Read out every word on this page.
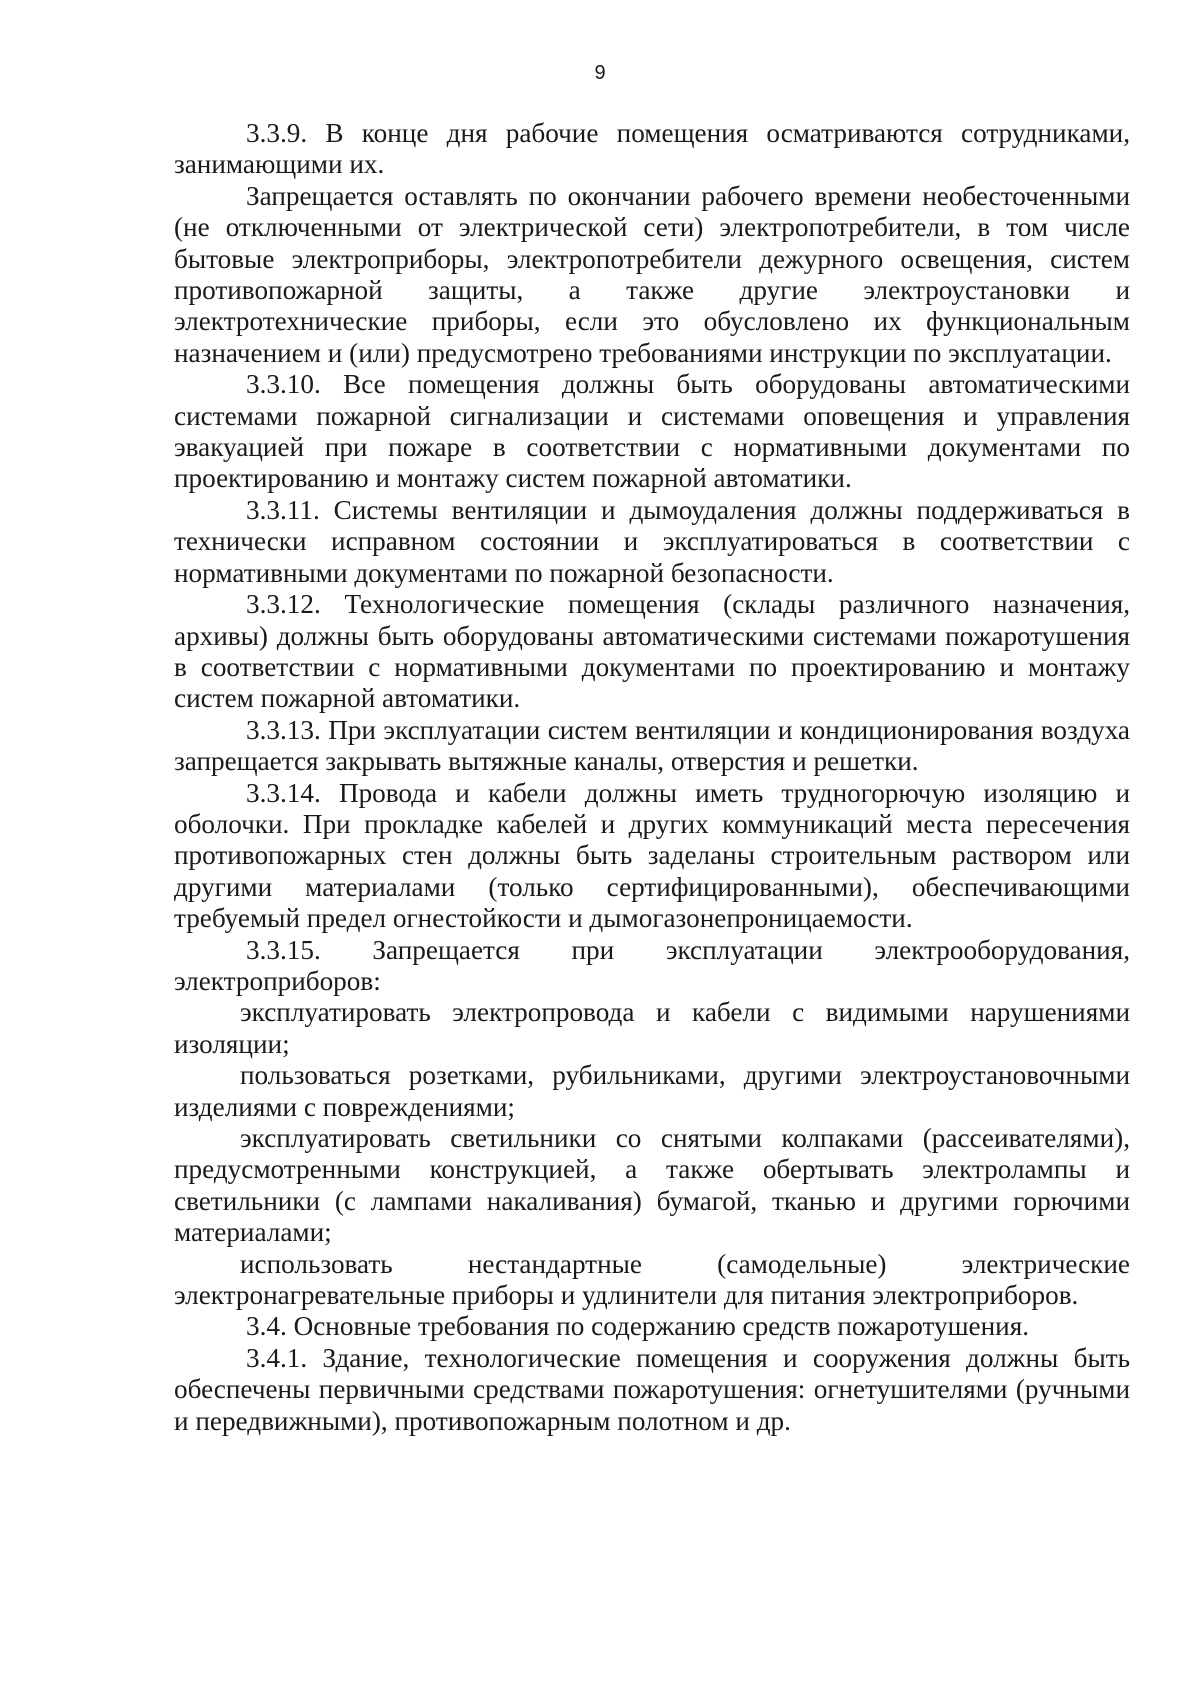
9

3.3.9. В конце дня рабочие помещения осматриваются сотрудниками, занимающими их.

Запрещается оставлять по окончании рабочего времени необесточенными (не отключенными от электрической сети) электропотребители, в том числе бытовые электроприборы, электропотребители дежурного освещения, систем противопожарной защиты, а также другие электроустановки и электротехнические приборы, если это обусловлено их функциональным назначением и (или) предусмотрено требованиями инструкции по эксплуатации.

3.3.10. Все помещения должны быть оборудованы автоматическими системами пожарной сигнализации и системами оповещения и управления эвакуацией при пожаре в соответствии с нормативными документами по проектированию и монтажу систем пожарной автоматики.

3.3.11. Системы вентиляции и дымоудаления должны поддерживаться в технически исправном состоянии и эксплуатироваться в соответствии с нормативными документами по пожарной безопасности.

3.3.12. Технологические помещения (склады различного назначения, архивы) должны быть оборудованы автоматическими системами пожаротушения в соответствии с нормативными документами по проектированию и монтажу систем пожарной автоматики.

3.3.13. При эксплуатации систем вентиляции и кондиционирования воздуха запрещается закрывать вытяжные каналы, отверстия и решетки.

3.3.14. Провода и кабели должны иметь трудногорючую изоляцию и оболочки. При прокладке кабелей и других коммуникаций места пересечения противопожарных стен должны быть заделаны строительным раствором или другими материалами (только сертифицированными), обеспечивающими требуемый предел огнестойкости и дымогазонепроницаемости.

3.3.15. Запрещается при эксплуатации электрооборудования, электроприборов:

эксплуатировать электропровода и кабели с видимыми нарушениями изоляции;

пользоваться розетками, рубильниками, другими электроустановочными изделиями с повреждениями;

эксплуатировать светильники со снятыми колпаками (рассеивателями), предусмотренными конструкцией, а также обертывать электролампы и светильники (с лампами накаливания) бумагой, тканью и другими горючими материалами;

использовать нестандартные (самодельные) электрические электронагревательные приборы и удлинители для питания электроприборов.

3.4. Основные требования по содержанию средств пожаротушения.

3.4.1. Здание, технологические помещения и сооружения должны быть обеспечены первичными средствами пожаротушения: огнетушителями (ручными и передвижными), противопожарным полотном и др.
